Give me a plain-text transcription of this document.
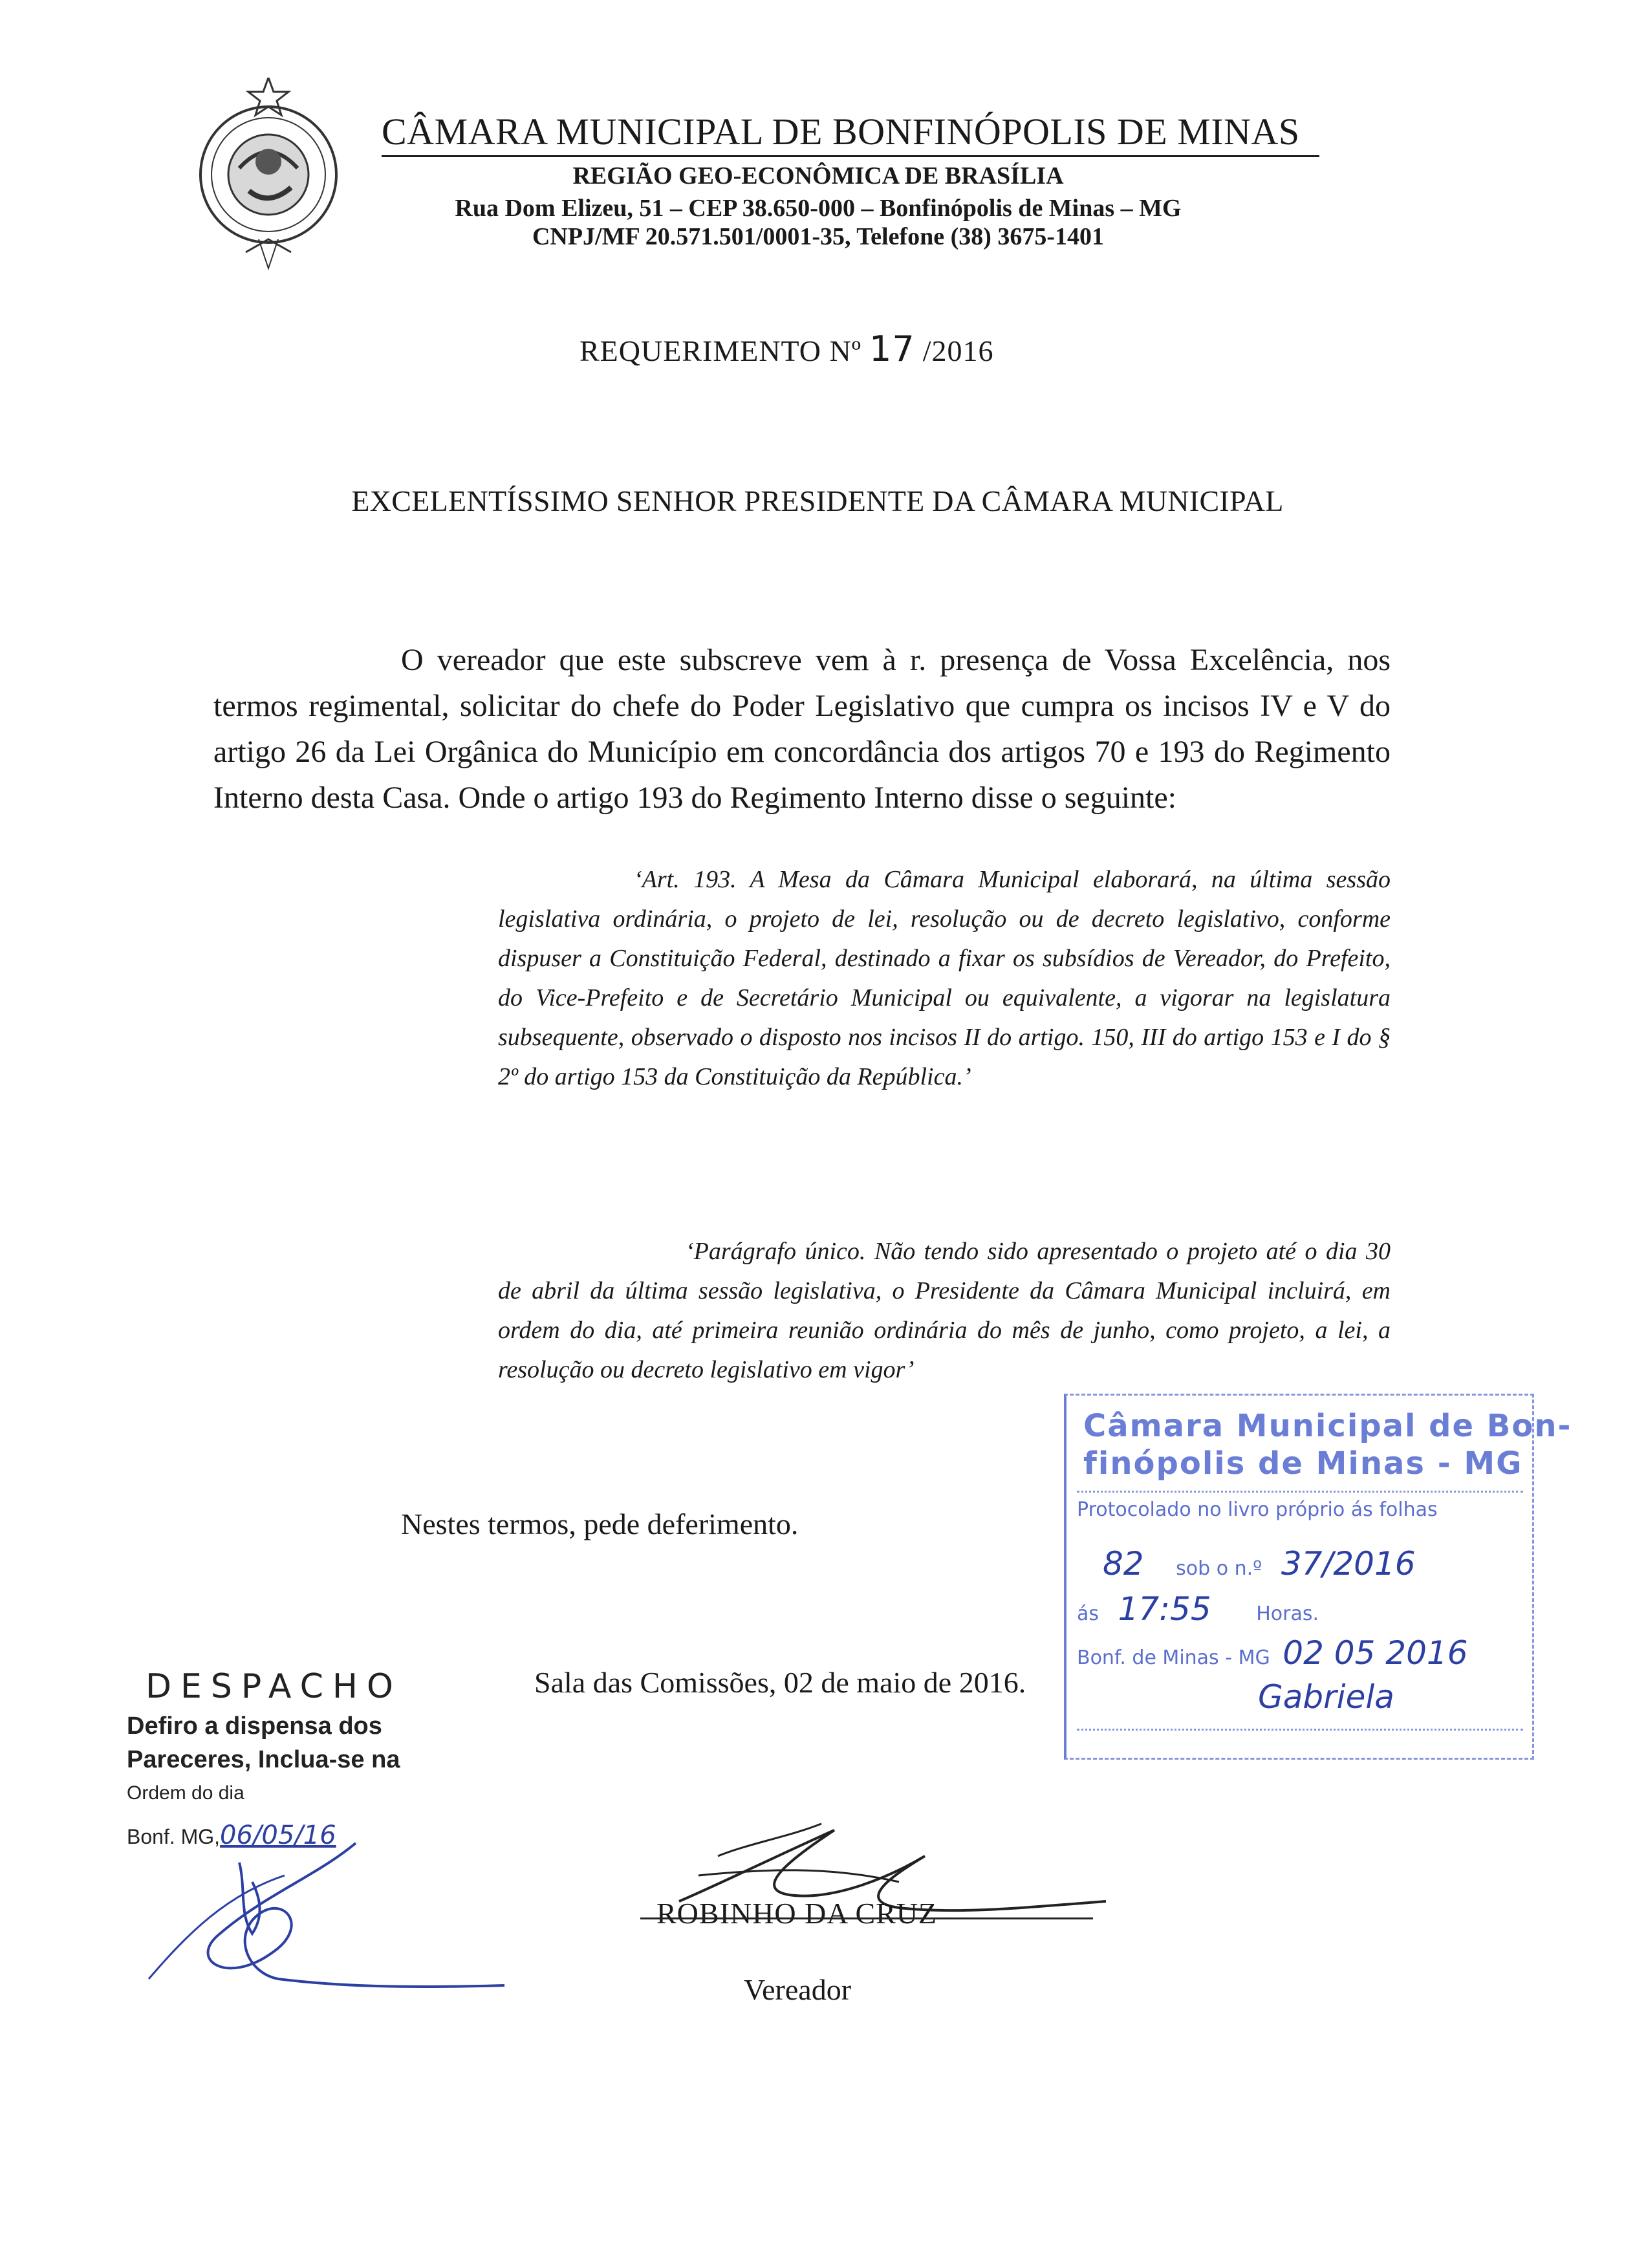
CÂMARA MUNICIPAL DE BONFINÓPOLIS DE MINAS
REGIÃO GEO-ECONÔMICA DE BRASÍLIA
Rua Dom Elizeu, 51 – CEP 38.650-000 – Bonfinópolis de Minas – MG
CNPJ/MF 20.571.501/0001-35, Telefone (38) 3675-1401
REQUERIMENTO Nº 17 /2016
EXCELENTÍSSIMO SENHOR PRESIDENTE DA CÂMARA MUNICIPAL
O vereador que este subscreve vem à r. presença de Vossa Excelência, nos termos regimental, solicitar do chefe do Poder Legislativo que cumpra os incisos IV e V do artigo 26 da Lei Orgânica do Município em concordância dos artigos 70 e 193 do Regimento Interno desta Casa. Onde o artigo 193 do Regimento Interno disse o seguinte:
‘Art. 193. A Mesa da Câmara Municipal elaborará, na última sessão legislativa ordinária, o projeto de lei, resolução ou de decreto legislativo, conforme dispuser a Constituição Federal, destinado a fixar os subsídios de Vereador, do Prefeito, do Vice-Prefeito e de Secretário Municipal ou equivalente, a vigorar na legislatura subsequente, observado o disposto nos incisos II do artigo. 150, III do artigo 153 e I do § 2º do artigo 153 da Constituição da República.’
‘Parágrafo único. Não tendo sido apresentado o projeto até o dia 30 de abril da última sessão legislativa, o Presidente da Câmara Municipal incluirá, em ordem do dia, até primeira reunião ordinária do mês de junho, como projeto, a lei, a resolução ou decreto legislativo em vigor’
Nestes termos, pede deferimento.
Sala das Comissões, 02 de maio de 2016.
Câmara Municipal de Bon-
finópolis de Minas - MG
Protocolado no livro próprio ás folhas
82 sob o n.º 37/2016
ás 17:55 Horas.
Bonf. de Minas - MG 02 05 2016
Gabriela
DESPACHO
Defiro a dispensa dos
Pareceres, Inclua-se na
Ordem do dia
Bonf. MG,06/05/16
ROBINHO DA CRUZ
Vereador
